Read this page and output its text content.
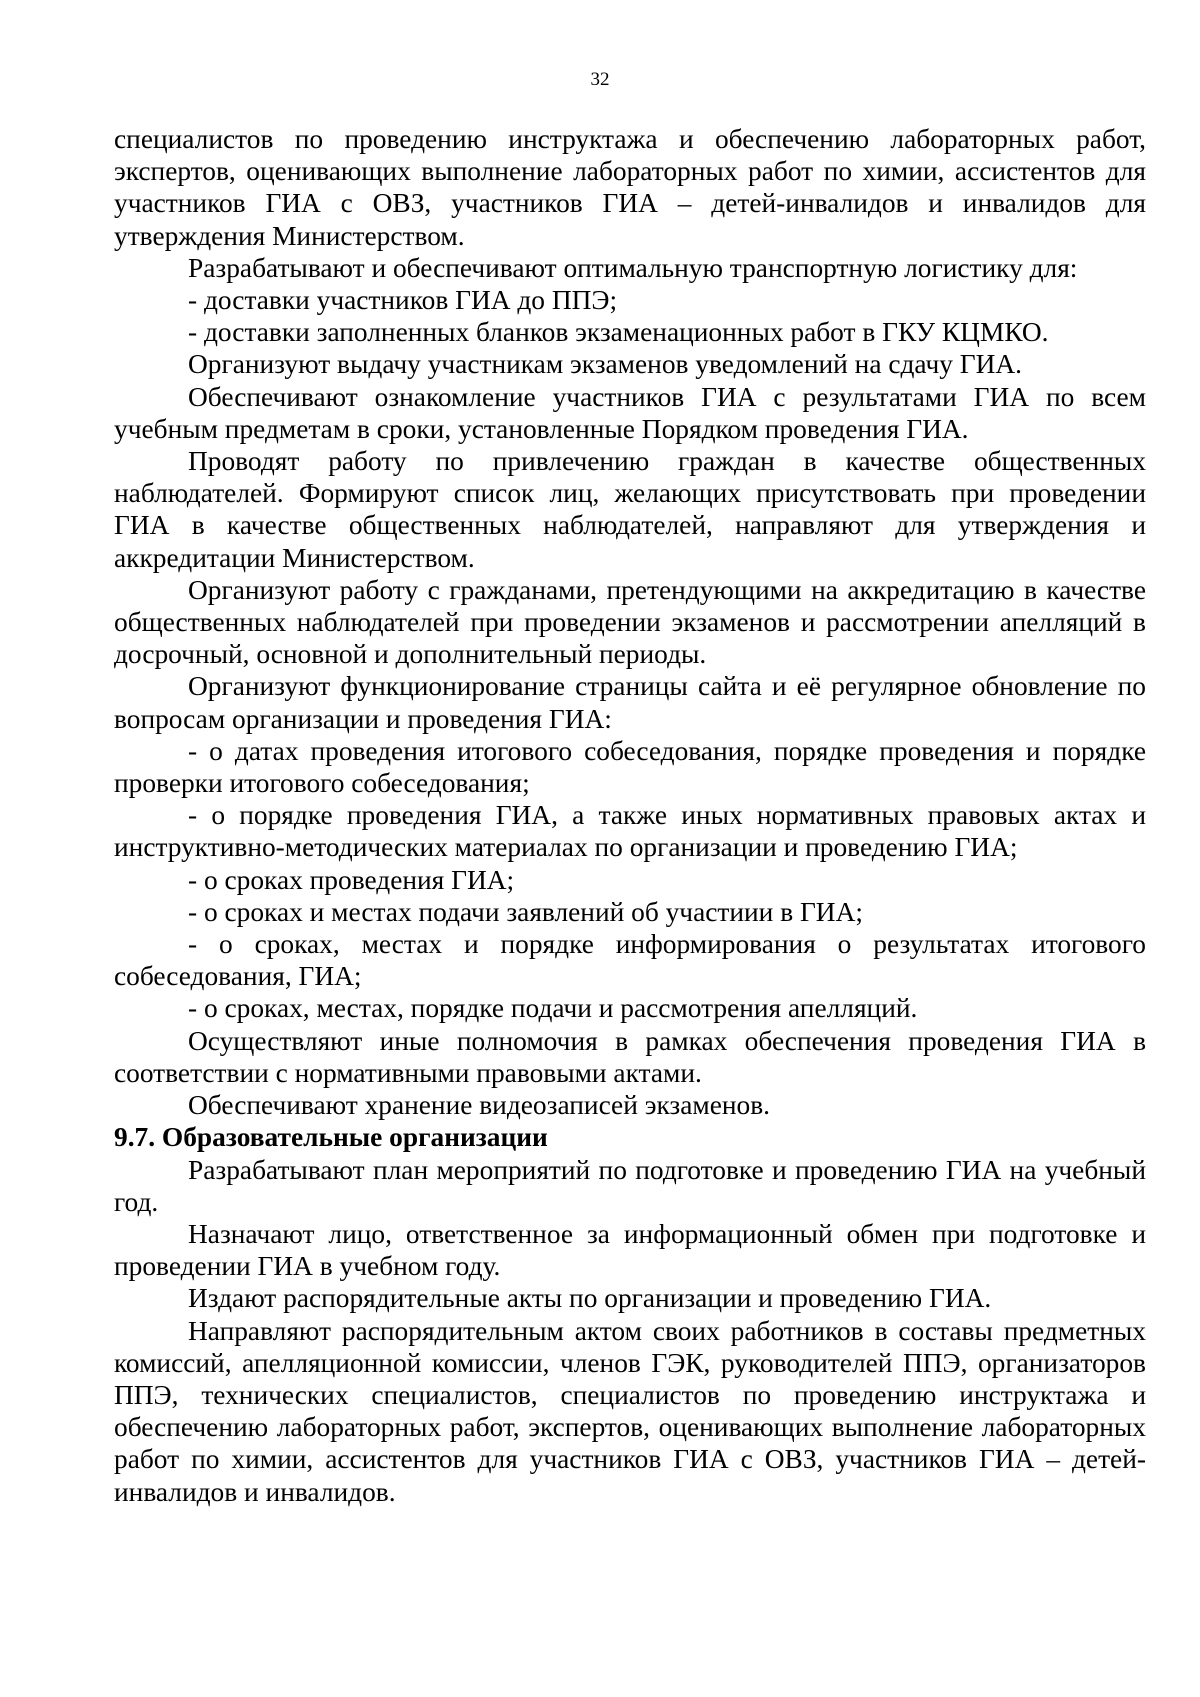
32

специалистов по проведению инструктажа и обеспечению лабораторных работ, экспертов, оценивающих выполнение лабораторных работ по химии, ассистентов для участников ГИА с ОВЗ, участников ГИА – детей-инвалидов и инвалидов для утверждения Министерством.

Разрабатывают и обеспечивают оптимальную транспортную логистику для:

- доставки участников ГИА до ППЭ;

- доставки заполненных бланков экзаменационных работ в ГКУ КЦМКО.

Организуют выдачу участникам экзаменов уведомлений на сдачу ГИА.

Обеспечивают ознакомление участников ГИА с результатами ГИА по всем учебным предметам в сроки, установленные Порядком проведения ГИА.

Проводят работу по привлечению граждан в качестве общественных наблюдателей. Формируют список лиц, желающих присутствовать при проведении ГИА в качестве общественных наблюдателей, направляют для утверждения и аккредитации Министерством.

Организуют работу с гражданами, претендующими на аккредитацию в качестве общественных наблюдателей при проведении экзаменов и рассмотрении апелляций в досрочный, основной и дополнительный периоды.

Организуют функционирование страницы сайта и её регулярное обновление по вопросам организации и проведения ГИА:

- о датах проведения итогового собеседования, порядке проведения и порядке проверки итогового собеседования;

- о порядке проведения ГИА, а также иных нормативных правовых актах и инструктивно-методических материалах по организации и проведению ГИА;

- о сроках проведения ГИА;

- о сроках и местах подачи заявлений об участиии в ГИА;

- о сроках, местах и порядке информирования о результатах итогового собеседования, ГИА;

- о сроках, местах, порядке подачи и рассмотрения апелляций.

Осуществляют иные полномочия в рамках обеспечения проведения ГИА в соответствии с нормативными правовыми актами.

Обеспечивают хранение видеозаписей экзаменов.

9.7. Образовательные организации

Разрабатывают план мероприятий по подготовке и проведению ГИА на учебный год.

Назначают лицо, ответственное за информационный обмен при подготовке и проведении ГИА в учебном году.

Издают распорядительные акты по организации и проведению ГИА.

Направляют распорядительным актом своих работников в составы предметных комиссий, апелляционной комиссии, членов ГЭК, руководителей ППЭ, организаторов ППЭ, технических специалистов, специалистов по проведению инструктажа и обеспечению лабораторных работ, экспертов, оценивающих выполнение лабораторных работ по химии, ассистентов для участников ГИА с ОВЗ, участников ГИА – детей-инвалидов и инвалидов.
